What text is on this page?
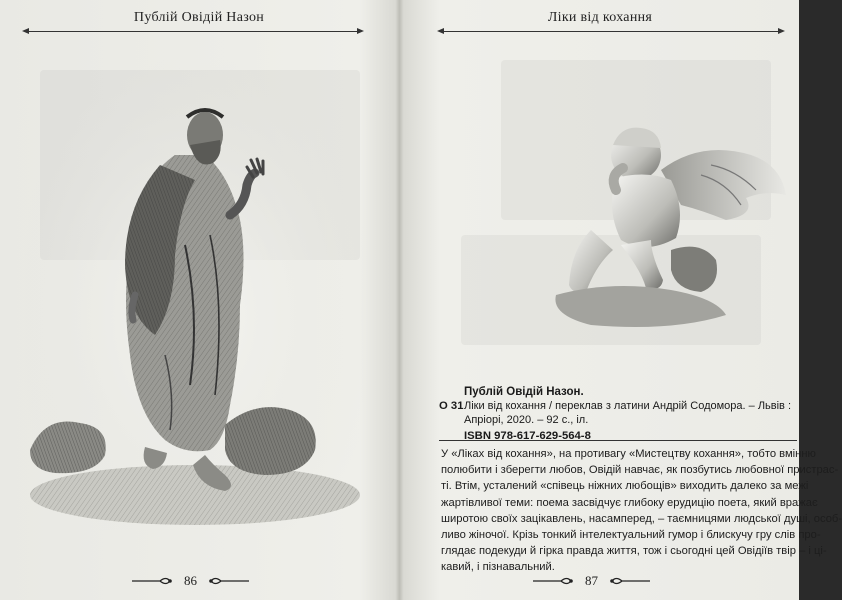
Публій Овідій Назон
86
Ліки від кохання
Публій Овідій Назон.
О 31 Ліки від кохання / переклав з латини Андрій Содомора. – Львів :
Апріорі, 2020. – 92 с., іл.
ISBN 978-617-629-564-8
У «Ліках від кохання», на противагу «Мистецтву кохання», тобто вмінню
полюбити і зберегти любов, Овідій навчає, як позбутись любовної пристрас-
ті. Втім, усталений «співець ніжних любощів» виходить далеко за межі
жартівливої теми: поема засвідчує глибоку ерудицію поета, який вражає
широтою своїх зацікавлень, насамперед, – таємницями людської душі, особ-
ливо жіночої. Крізь тонкий інтелектуальний гумор і блискучу гру слів про-
глядає подекуди й гірка правда життя, тож і сьогодні цей Овідіїв твір – і ці-
кавий, і пізнавальний.
87
